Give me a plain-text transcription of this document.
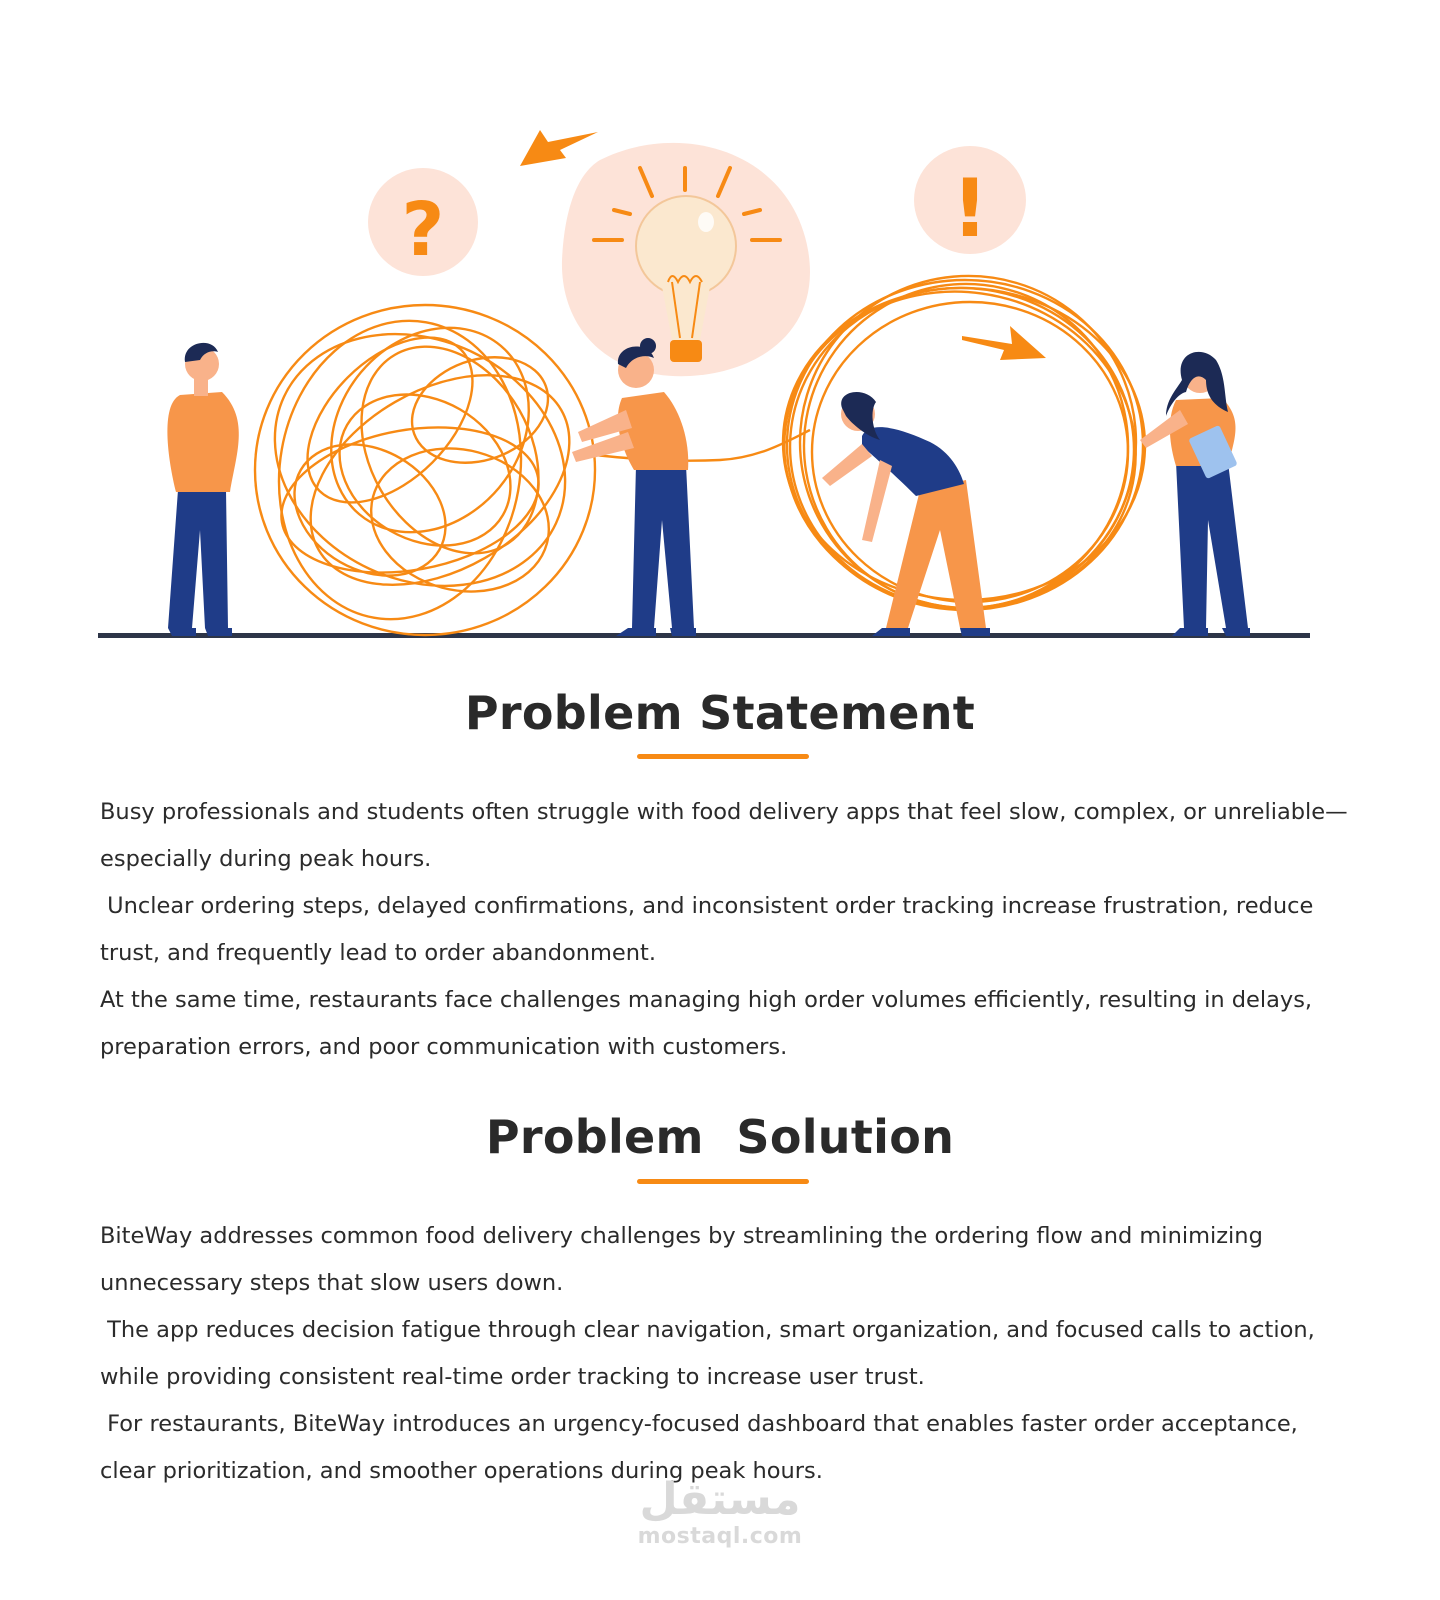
?	!
Problem Statement

Busy professionals and students often struggle with food delivery apps that feel slow, complex, or unreliable—especially during peak hours.

Unclear ordering steps, delayed confirmations, and inconsistent order tracking increase frustration, reduce trust, and frequently lead to order abandonment.

At the same time, restaurants face challenges managing high order volumes efficiently, resulting in delays, preparation errors, and poor communication with customers.

Problem  Solution

BiteWay addresses common food delivery challenges by streamlining the ordering flow and minimizing unnecessary steps that slow users down.

The app reduces decision fatigue through clear navigation, smart organization, and focused calls to action, while providing consistent real-time order tracking to increase user trust.

For restaurants, BiteWay introduces an urgency-focused dashboard that enables faster order acceptance, clear prioritization, and smoother operations during peak hours.

مستقل
mostaql.com
